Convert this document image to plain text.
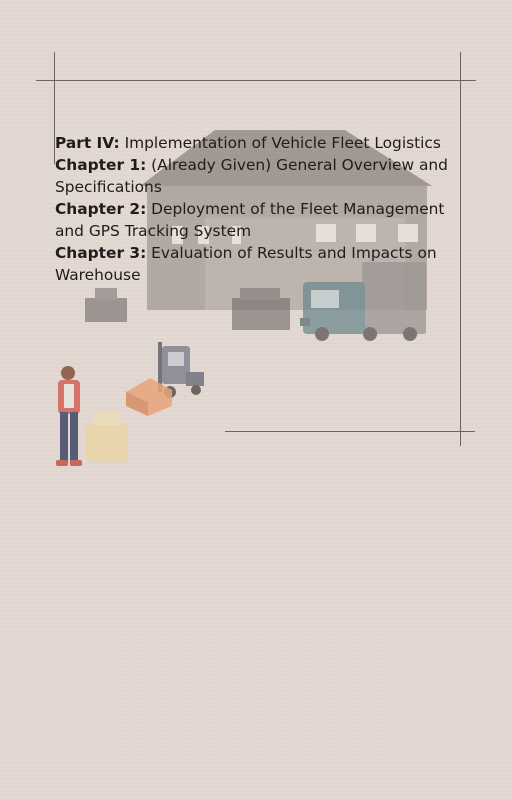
Part IV: Implementation of Vehicle Fleet Logistics

Chapter 1: (Already Given) General Overview and Specifications

Chapter 2: Deployment of the Fleet Management and GPS Tracking System

Chapter 3: Evaluation of Results and Impacts on Warehouse
